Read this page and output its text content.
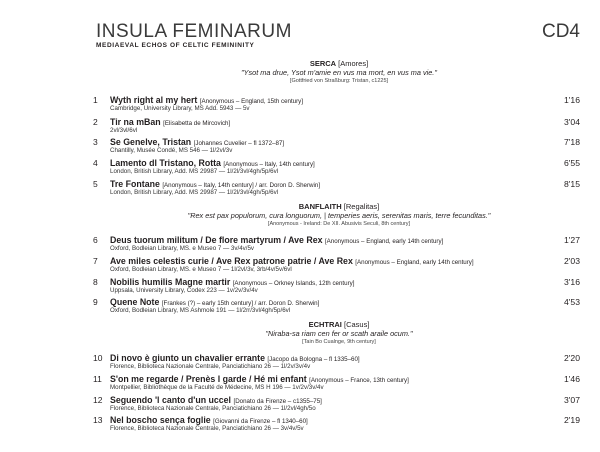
INSULA FEMINARUM	CD4
MEDIAEVAL ECHOS OF CELTIC FEMININITY
SERCA [Amores]
"Ysot ma drue, Ysot m'amie en vus ma mort, en vus ma vie."
[Gottfried von Straßburg: Tristan, c1225]
1	Wyth right al my hert [Anonymous – England, 15th century]
Cambridge, University Library, MS Add. 5943 — 5v
1'16
2	Tir na mBan [Elisabetta de Mircovich]
2vl/3vl/6vl
3'04
3	Se Genelve, Tristan [Johannes Cuvelier – fl 1372–87]
Chantilly, Musée Condé, MS 546 — 1l/2vl/3v
7'18
4	Lamento dl Tristano, Rotta [Anonymous – Italy, 14th century]
London, British Library, Add. MS 29987 — 1l/2l/3vl/4gh/5p/6vl
6'55
5	Tre Fontane [Anonymous – Italy, 14th century] / arr. Doron D. Sherwin]
London, British Library, Add. MS 29987 — 1l/2l/3vl/4gh/5p/6vl
8'15
BANFLAITH [Regalitas]
"Rex est pax populorum, cura longuorum, | temperies aeris, serenitas maris, terre fecunditas."
[Anonymous - Ireland: De XII. Abusivis Seculi, 8th century]
6	Deus tuorum militum / De flore martyrum / Ave Rex [Anonymous – England, early 14th century]
Oxford, Bodleian Library, MS. e Museo 7 — 3v/4v/5v
1'27
7	Ave miles celestis curie / Ave Rex patrone patrie / Ave Rex [Anonymous – England, early 14th century]
Oxford, Bodleian Library, MS. e Museo 7 — 1l/2vl/3v, 3rb/4v/5v/6vl
2'03
8	Nobilis humilis Magne martir [Anonymous – Orkney Islands, 12th century]
Uppsala, University Library, Codex 223 — 1v/2v/3v/4v
3'16
9	Quene Note [Frankes (?) – early 15th century] / arr. Doron D. Sherwin]
Oxford, Bodleian Library, MS Ashmole 191 — 1l/2rr/3vl/4gh/5p/6vl
4'53
ECHTRAI [Casus]
"Niraba-sa riam cen fer or scath araile ocum."
[Tain Bo Cualnge, 9th century]
10 Di novo è giunto un chavalier errante [Jacopo da Bologna – fl 1335–60]
Florence, Biblioteca Nazionale Centrale, Panciatichiano 26 — 1l/2v/3v/4v
2'20
11 S'on me regarde / Prenès l garde / Hé mi enfant [Anonymous – France, 13th century]
Montpellier, Bibliothèque de la Faculté de Médecine, MS H 196 — 1v/2v/3v/4v
1'46
12 Seguendo 'l canto d'un uccel [Donato da Firenze – c1355–75]
Florence, Biblioteca Nazionale Centrale, Panciatichiano 26 — 1l/2vl/4gh/5o
3'07
13 Nel boscho sença foglie [Giovanni da Firenze – fl 1340–60]
Florence, Biblioteca Nazionale Centrale, Panciatichiano 26 — 3v/4v/5v
2'19
